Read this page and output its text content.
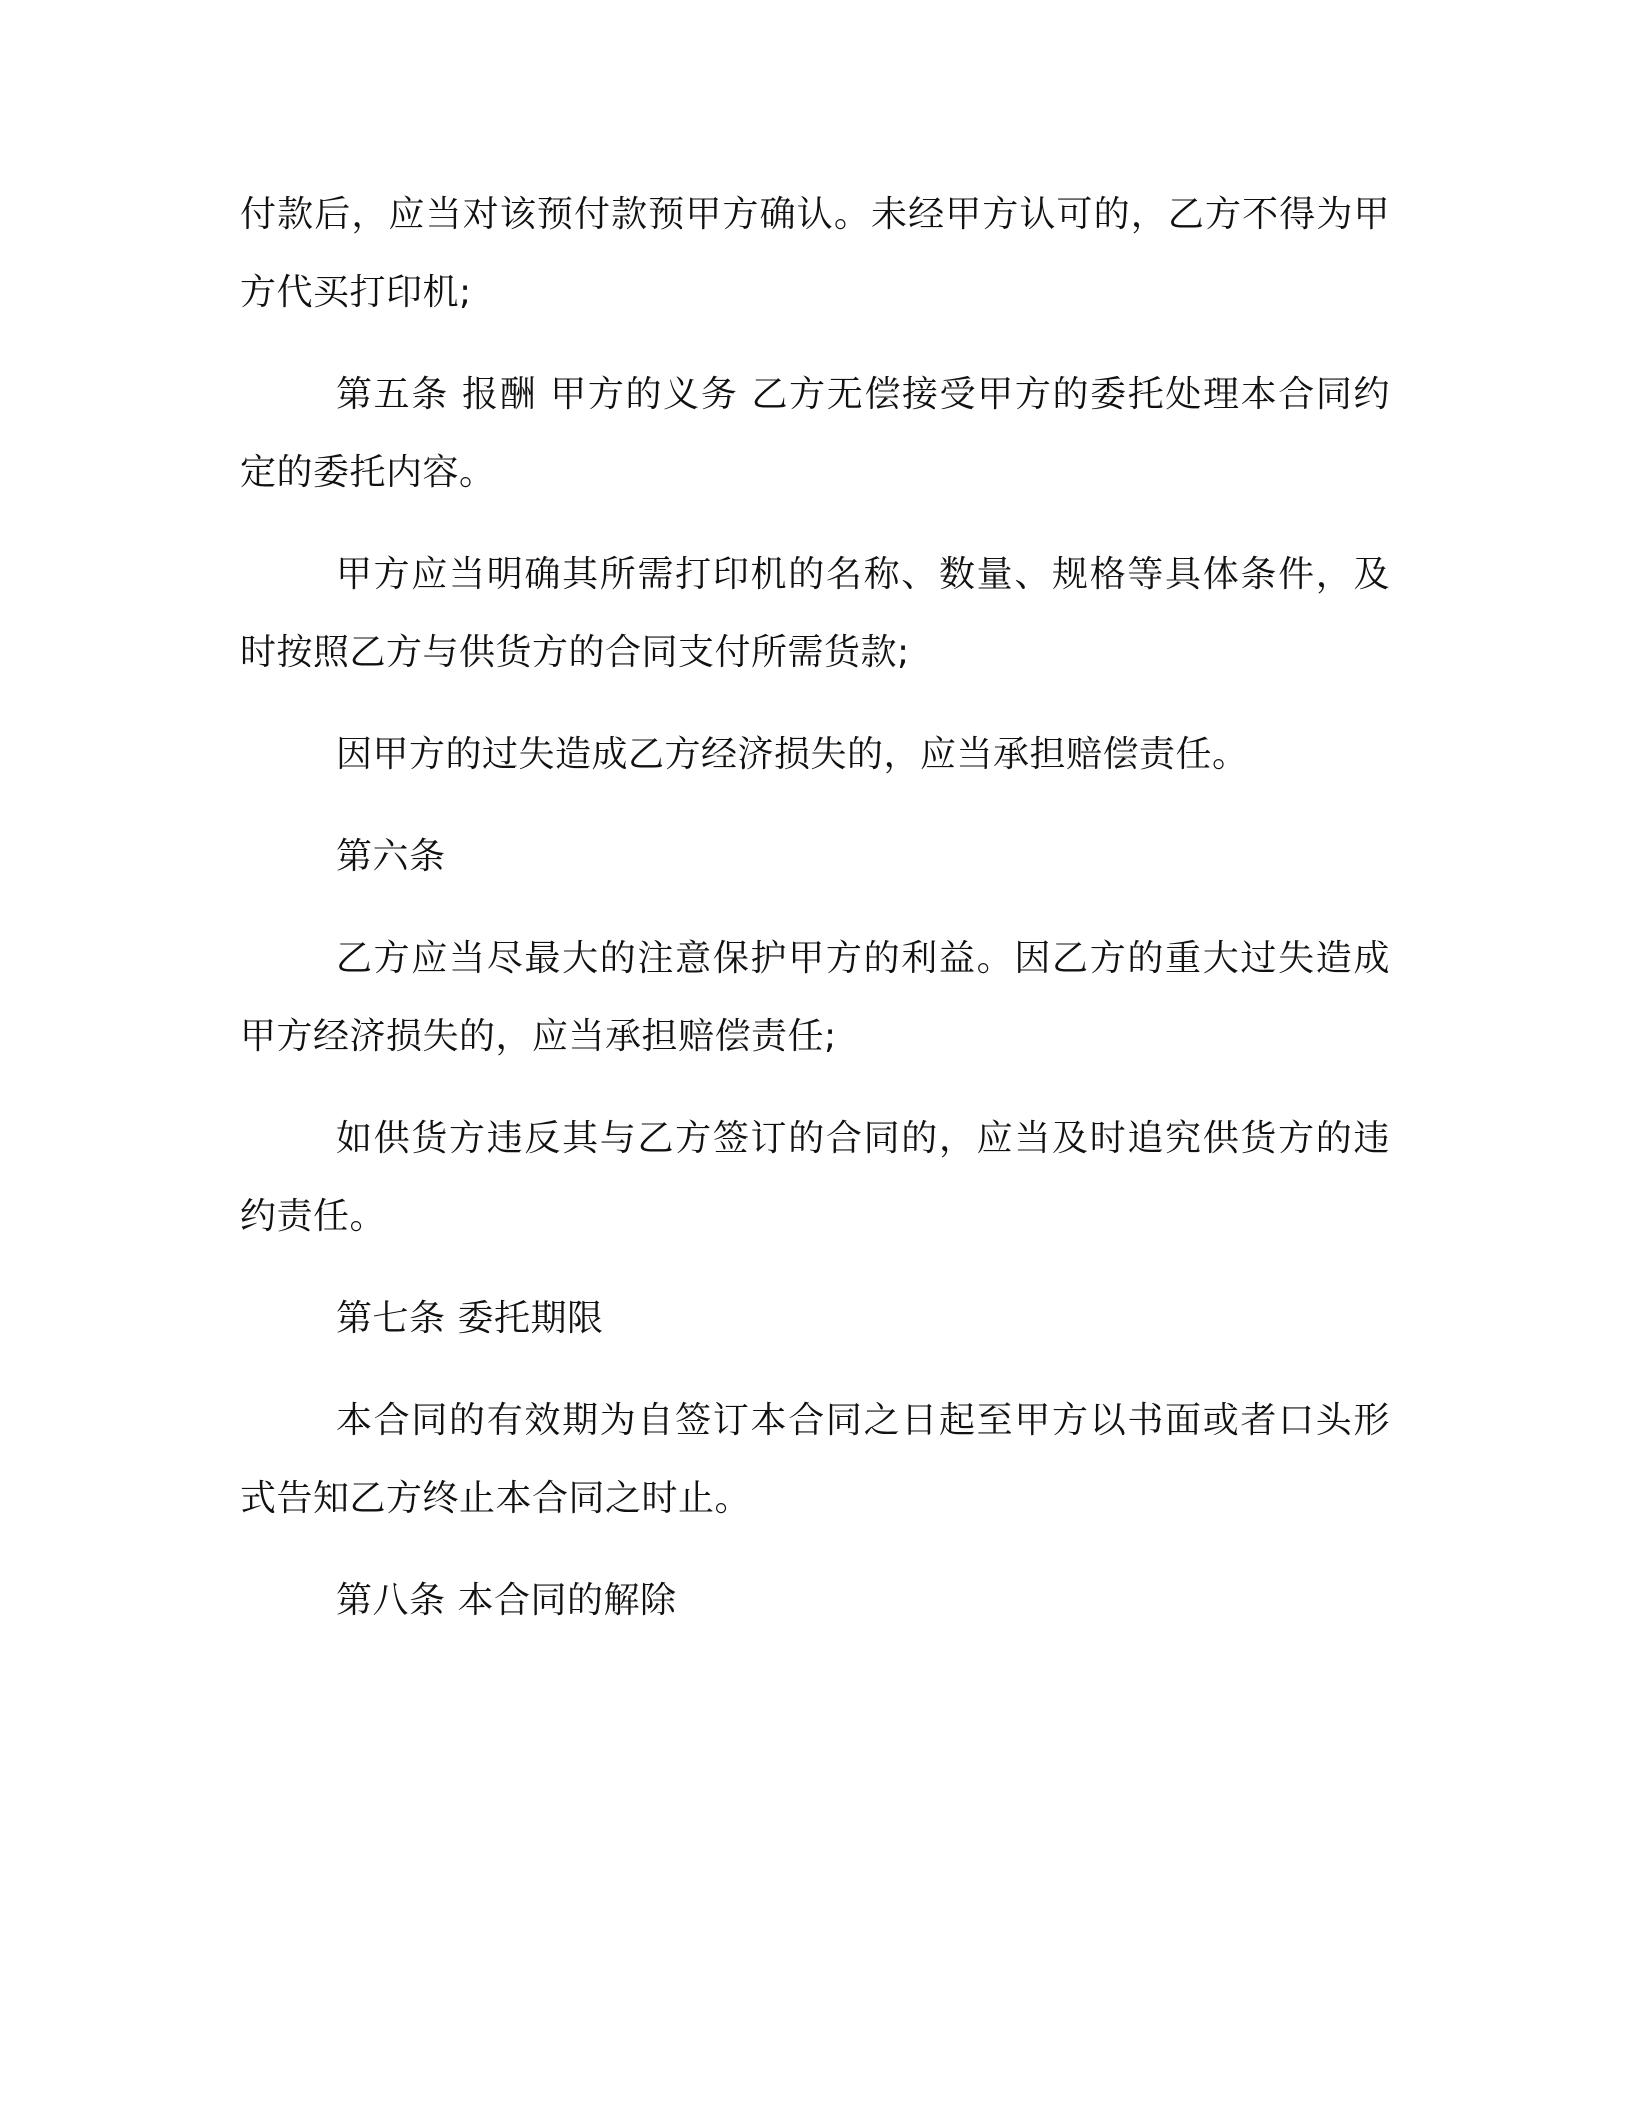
付款后，应当对该预付款预甲方确认。未经甲方认可的，乙方不得为甲方代买打印机;

第五条 报酬 甲方的义务 乙方无偿接受甲方的委托处理本合同约定的委托内容。

甲方应当明确其所需打印机的名称、数量、规格等具体条件，及时按照乙方与供货方的合同支付所需货款;

因甲方的过失造成乙方经济损失的，应当承担赔偿责任。

第六条

乙方应当尽最大的注意保护甲方的利益。因乙方的重大过失造成甲方经济损失的，应当承担赔偿责任;

如供货方违反其与乙方签订的合同的，应当及时追究供货方的违约责任。

第七条 委托期限

本合同的有效期为自签订本合同之日起至甲方以书面或者口头形式告知乙方终止本合同之时止。

第八条 本合同的解除
